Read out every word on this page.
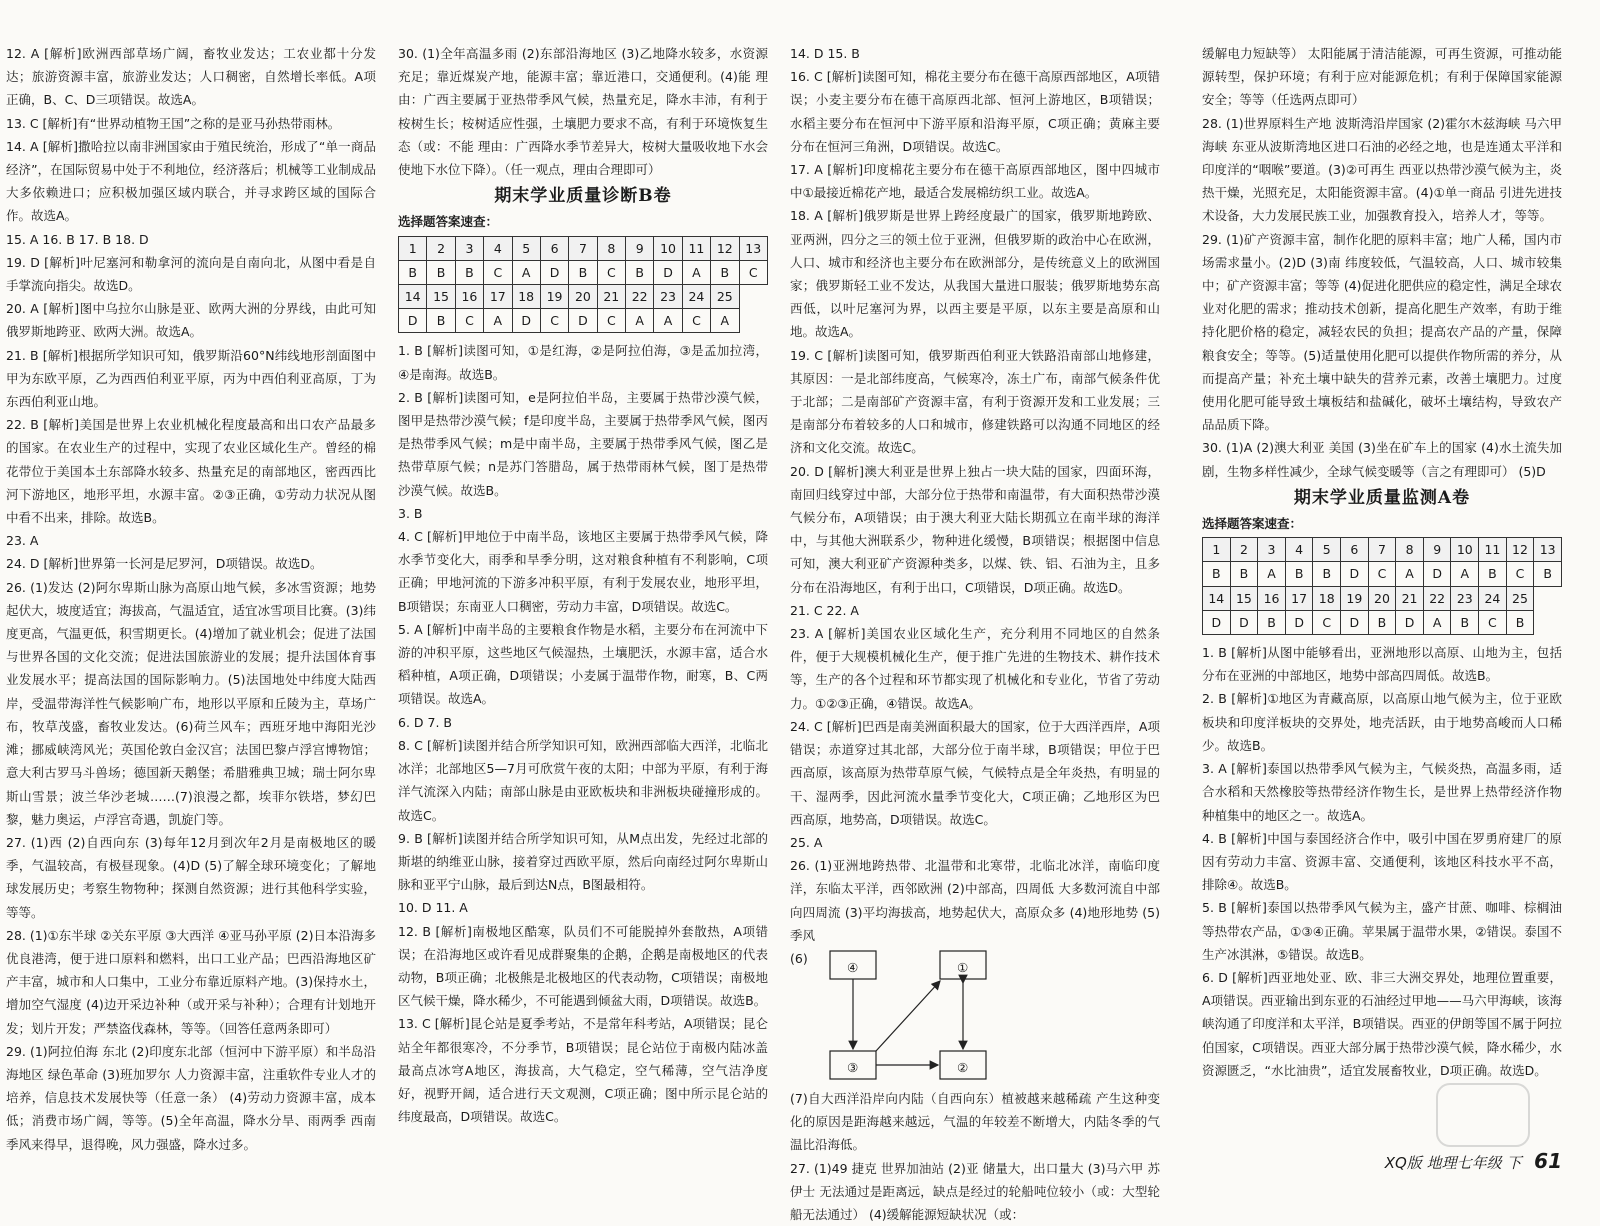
12. A [解析]欧洲西部草场广阔，畜牧业发达；工农业都十分发达；旅游资源丰富，旅游业发达；人口稠密，自然增长率低。A项正确，B、C、D三项错误。故选A。

13. C [解析]有“世界动植物王国”之称的是亚马孙热带雨林。

14. A [解析]撒哈拉以南非洲国家由于殖民统治，形成了“单一商品经济”，在国际贸易中处于不利地位，经济落后；机械等工业制成品大多依赖进口；应积极加强区域内联合，并寻求跨区域的国际合作。故选A。

15. A 16. B 17. B 18. D

19. D [解析]叶尼塞河和勒拿河的流向是自南向北，从图中看是自手掌流向指尖。故选D。

20. A [解析]图中乌拉尔山脉是亚、欧两大洲的分界线，由此可知俄罗斯地跨亚、欧两大洲。故选A。

21. B [解析]根据所学知识可知，俄罗斯沿60°N纬线地形剖面图中甲为东欧平原，乙为西西伯利亚平原，丙为中西伯利亚高原，丁为东西伯利亚山地。

22. B [解析]美国是世界上农业机械化程度最高和出口农产品最多的国家。在农业生产的过程中，实现了农业区域化生产。曾经的棉花带位于美国本土东部降水较多、热量充足的南部地区，密西西比河下游地区，地形平坦，水源丰富。②③正确，①劳动力状况从图中看不出来，排除。故选B。

23. A

24. D [解析]世界第一长河是尼罗河，D项错误。故选D。

26. (1)发达 (2)阿尔卑斯山脉为高原山地气候，多冰雪资源；地势起伏大，坡度适宜；海拔高，气温适宜，适宜冰雪项目比赛。(3)纬度更高，气温更低，积雪期更长。(4)增加了就业机会；促进了法国与世界各国的文化交流；促进法国旅游业的发展；提升法国体育事业发展水平；提高法国的国际影响力。(5)法国地处中纬度大陆西岸，受温带海洋性气候影响广布，地形以平原和丘陵为主，草场广布，牧草茂盛，畜牧业发达。(6)荷兰风车；西班牙地中海阳光沙滩；挪威峡湾风光；英国伦敦白金汉宫；法国巴黎卢浮宫博物馆；意大利古罗马斗兽场；德国新天鹅堡；希腊雅典卫城；瑞士阿尔卑斯山雪景；波兰华沙老城……(7)浪漫之都，埃菲尔铁塔，梦幻巴黎，魅力奥运，卢浮宫奇遇，凯旋门等。

27. (1)西 (2)自西向东 (3)每年12月到次年2月是南极地区的暖季，气温较高，有极昼现象。(4)D (5)了解全球环境变化；了解地球发展历史；考察生物物种；探测自然资源；进行其他科学实验，等等。

28. (1)①东半球 ②关东平原 ③大西洋 ④亚马孙平原 (2)日本沿海多优良港湾，便于进口原料和燃料，出口工业产品；巴西沿海地区矿产丰富，城市和人口集中，工业分布靠近原料产地。(3)保持水土，增加空气湿度 (4)边开采边补种（或开采与补种）；合理有计划地开发；划片开发；严禁盗伐森林，等等。（回答任意两条即可）

29. (1)阿拉伯海 东北 (2)印度东北部（恒河中下游平原）和半岛沿海地区 绿色革命 (3)班加罗尔 人力资源丰富，注重软件专业人才的培养，信息技术发展快等（任意一条） (4)劳动力资源丰富，成本低；消费市场广阔，等等。(5)全年高温，降水分旱、雨两季 西南季风来得早，退得晚，风力强盛，降水过多。

30. (1)全年高温多雨 (2)东部沿海地区 (3)乙地降水较多，水资源充足；靠近煤炭产地，能源丰富；靠近港口，交通便利。(4)能 理由：广西主要属于亚热带季风气候，热量充足，降水丰沛，有利于桉树生长；桉树适应性强，土壤肥力要求不高，有利于环境恢复生态（或：不能 理由：广西降水季节差异大，桉树大量吸收地下水会使地下水位下降）。（任一观点，理由合理即可）

期末学业质量诊断B卷
选择题答案速查：
1	2	3	4	5	6	7	8	9	10	11	12	13
B	B	B	C	A	D	B	C	B	D	A	B	C
14	15	16	17	18	19	20	21	22	23	24	25	
D	B	C	A	D	C	D	C	A	A	C	A	

1. B [解析]读图可知，①是红海，②是阿拉伯海，③是孟加拉湾，④是南海。故选B。

2. B [解析]读图可知，e是阿拉伯半岛，主要属于热带沙漠气候，图甲是热带沙漠气候；f是印度半岛，主要属于热带季风气候，图丙是热带季风气候；m是中南半岛，主要属于热带季风气候，图乙是热带草原气候；n是苏门答腊岛，属于热带雨林气候，图丁是热带沙漠气候。故选B。

3. B

4. C [解析]甲地位于中南半岛，该地区主要属于热带季风气候，降水季节变化大，雨季和旱季分明，这对粮食种植有不利影响，C项正确；甲地河流的下游多冲积平原，有利于发展农业，地形平坦，B项错误；东南亚人口稠密，劳动力丰富，D项错误。故选C。

5. A [解析]中南半岛的主要粮食作物是水稻，主要分布在河流中下游的冲积平原，这些地区气候湿热，土壤肥沃，水源丰富，适合水稻种植，A项正确，D项错误；小麦属于温带作物，耐寒，B、C两项错误。故选A。

6. D 7. B

8. C [解析]读图并结合所学知识可知，欧洲西部临大西洋，北临北冰洋；北部地区5—7月可欣赏午夜的太阳；中部为平原，有利于海洋气流深入内陆；南部山脉是由亚欧板块和非洲板块碰撞形成的。故选C。

9. B [解析]读图并结合所学知识可知，从M点出发，先经过北部的斯堪的纳维亚山脉，接着穿过西欧平原，然后向南经过阿尔卑斯山脉和亚平宁山脉，最后到达N点，B图最相符。

10. D 11. A

12. B [解析]南极地区酷寒，队员们不可能脱掉外套散热，A项错误；在沿海地区或许看见成群聚集的企鹅，企鹅是南极地区的代表动物，B项正确；北极熊是北极地区的代表动物，C项错误；南极地区气候干燥，降水稀少，不可能遇到倾盆大雨，D项错误。故选B。

13. C [解析]昆仑站是夏季考站，不是常年科考站，A项错误；昆仑站全年都很寒冷，不分季节，B项错误；昆仑站位于南极内陆冰盖最高点冰穹A地区，海拔高，大气稳定，空气稀薄，空气洁净度好，视野开阔，适合进行天文观测，C项正确；图中所示昆仑站的纬度最高，D项错误。故选C。

14. D 15. B

16. C [解析]读图可知，棉花主要分布在德干高原西部地区，A项错误；小麦主要分布在德干高原西北部、恒河上游地区，B项错误；水稻主要分布在恒河中下游平原和沿海平原，C项正确；黄麻主要分布在恒河三角洲，D项错误。故选C。

17. A [解析]印度棉花主要分布在德干高原西部地区，图中四城市中①最接近棉花产地，最适合发展棉纺织工业。故选A。

18. A [解析]俄罗斯是世界上跨经度最广的国家，俄罗斯地跨欧、亚两洲，四分之三的领土位于亚洲，但俄罗斯的政治中心在欧洲，人口、城市和经济也主要分布在欧洲部分，是传统意义上的欧洲国家；俄罗斯轻工业不发达，从我国大量进口服装；俄罗斯地势东高西低，以叶尼塞河为界，以西主要是平原，以东主要是高原和山地。故选A。

19. C [解析]读图可知，俄罗斯西伯利亚大铁路沿南部山地修建，其原因：一是北部纬度高，气候寒冷，冻土广布，南部气候条件优于北部；二是南部矿产资源丰富，有利于资源开发和工业发展；三是南部分布着较多的人口和城市，修建铁路可以沟通不同地区的经济和文化交流。故选C。

20. D [解析]澳大利亚是世界上独占一块大陆的国家，四面环海，南回归线穿过中部，大部分位于热带和南温带，有大面积热带沙漠气候分布，A项错误；由于澳大利亚大陆长期孤立在南半球的海洋中，与其他大洲联系少，物种进化缓慢，B项错误；根据图中信息可知，澳大利亚矿产资源种类多，以煤、铁、铝、石油为主，且多分布在沿海地区，有利于出口，C项错误，D项正确。故选D。

21. C 22. A

23. A [解析]美国农业区域化生产，充分利用不同地区的自然条件，便于大规模机械化生产，便于推广先进的生物技术、耕作技术等，生产的各个过程和环节都实现了机械化和专业化，节省了劳动力。①②③正确，④错误。故选A。

24. C [解析]巴西是南美洲面积最大的国家，位于大西洋西岸，A项错误；赤道穿过其北部，大部分位于南半球，B项错误；甲位于巴西高原，该高原为热带草原气候，气候特点是全年炎热，有明显的干、湿两季，因此河流水量季节变化大，C项正确；乙地形区为巴西高原，地势高，D项错误。故选C。

25. A

26. (1)亚洲地跨热带、北温带和北寒带，北临北冰洋，南临印度洋，东临太平洋，西邻欧洲 (2)中部高，四周低 大多数河流自中部向四周流 (3)平均海拔高，地势起伏大，高原众多 (4)地形地势 (5)季风

(6)
④	①
③	②

(7)自大西洋沿岸向内陆（自西向东）植被越来越稀疏 产生这种变化的原因是距海越来越远，气温的年较差不断增大，内陆冬季的气温比沿海低。

27. (1)49 捷克 世界加油站 (2)亚 储量大，出口量大 (3)马六甲 苏伊士 无法通过是距离远，缺点是经过的轮船吨位较小（或：大型轮船无法通过） (4)缓解能源短缺状况（或：

缓解电力短缺等） 太阳能属于清洁能源，可再生资源，可推动能源转型，保护环境；有利于应对能源危机；有利于保障国家能源安全；等等（任选两点即可）

28. (1)世界原料生产地 波斯湾沿岸国家 (2)霍尔木兹海峡 马六甲海峡 东亚从波斯湾地区进口石油的必经之地，也是连通太平洋和印度洋的“咽喉”要道。(3)②可再生 西亚以热带沙漠气候为主，炎热干燥，光照充足，太阳能资源丰富。(4)①单一商品 引进先进技术设备，大力发展民族工业，加强教育投入，培养人才，等等。

29. (1)矿产资源丰富，制作化肥的原料丰富；地广人稀，国内市场需求量小。(2)D (3)南 纬度较低，气温较高，人口、城市较集中；矿产资源丰富；等等 (4)促进化肥供应的稳定性，满足全球农业对化肥的需求；推动技术创新，提高化肥生产效率，有助于维持化肥价格的稳定，减轻农民的负担；提高农产品的产量，保障粮食安全；等等。(5)适量使用化肥可以提供作物所需的养分，从而提高产量；补充土壤中缺失的营养元素，改善土壤肥力。过度使用化肥可能导致土壤板结和盐碱化，破坏土壤结构，导致农产品品质下降。

30. (1)A (2)澳大利亚 美国 (3)坐在矿车上的国家 (4)水土流失加剧，生物多样性减少，全球气候变暖等（言之有理即可） (5)D

期末学业质量监测A卷
选择题答案速查：
1	2	3	4	5	6	7	8	9	10	11	12	13
B	B	A	B	B	D	C	A	D	A	B	C	B
14	15	16	17	18	19	20	21	22	23	24	25	
D	D	B	D	C	D	B	D	A	B	C	B	

1. B [解析]从图中能够看出，亚洲地形以高原、山地为主，包括分布在亚洲的中部地区，地势中部高四周低。故选B。

2. B [解析]①地区为青藏高原，以高原山地气候为主，位于亚欧板块和印度洋板块的交界处，地壳活跃，由于地势高峻而人口稀少。故选B。

3. A [解析]泰国以热带季风气候为主，气候炎热，高温多雨，适合水稻和天然橡胶等热带经济作物生长，是世界上热带经济作物种植集中的地区之一。故选A。

4. B [解析]中国与泰国经济合作中，吸引中国在罗勇府建厂的原因有劳动力丰富、资源丰富、交通便利，该地区科技水平不高，排除④。故选B。

5. B [解析]泰国以热带季风气候为主，盛产甘蔗、咖啡、棕榈油等热带农产品，①③④正确。苹果属于温带水果，②错误。泰国不生产冰淇淋，⑤错误。故选B。

6. D [解析]西亚地处亚、欧、非三大洲交界处，地理位置重要，A项错误。西亚输出到东亚的石油经过甲地——马六甲海峡，该海峡沟通了印度洋和太平洋，B项错误。西亚的伊朗等国不属于阿拉伯国家，C项错误。西亚大部分属于热带沙漠气候，降水稀少，水资源匮乏，“水比油贵”，适宜发展畜牧业，D项正确。故选D。

XQ版 地理七年级 下 61
